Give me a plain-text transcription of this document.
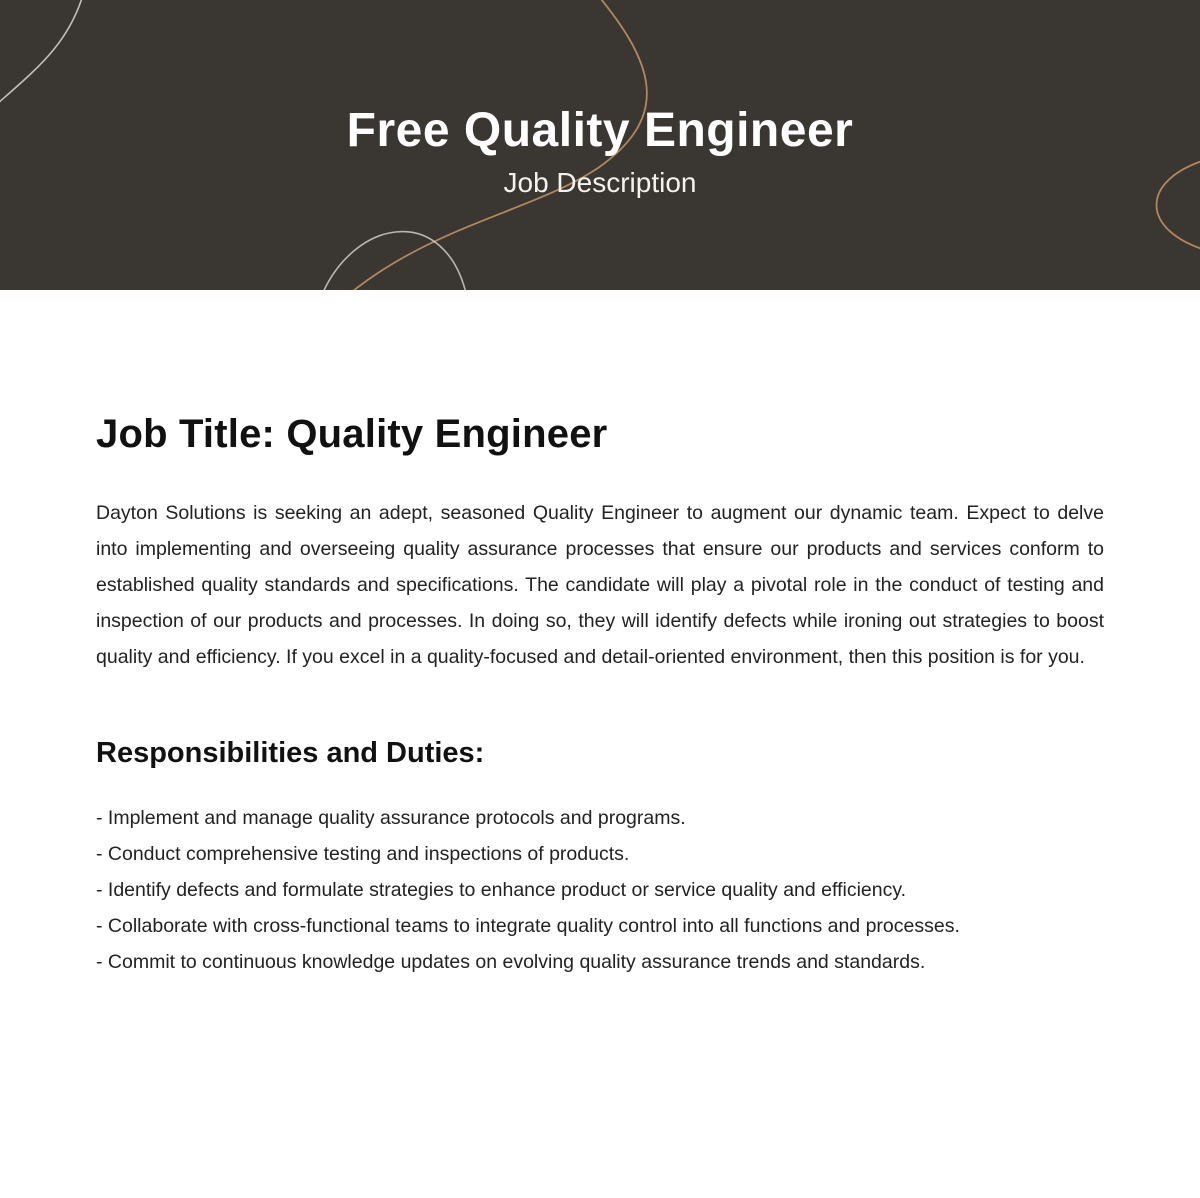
Free Quality Engineer
Job Description
Job Title: Quality Engineer

Dayton Solutions is seeking an adept, seasoned Quality Engineer to augment our dynamic team. Expect to delve into implementing and overseeing quality assurance processes that ensure our products and services conform to established quality standards and specifications. The candidate will play a pivotal role in the conduct of testing and inspection of our products and processes. In doing so, they will identify defects while ironing out strategies to boost quality and efficiency. If you excel in a quality-focused and detail-oriented environment, then this position is for you.

Responsibilities and Duties:
- Implement and manage quality assurance protocols and programs.
- Conduct comprehensive testing and inspections of products.
- Identify defects and formulate strategies to enhance product or service quality and efficiency.
- Collaborate with cross-functional teams to integrate quality control into all functions and processes.
- Commit to continuous knowledge updates on evolving quality assurance trends and standards.
